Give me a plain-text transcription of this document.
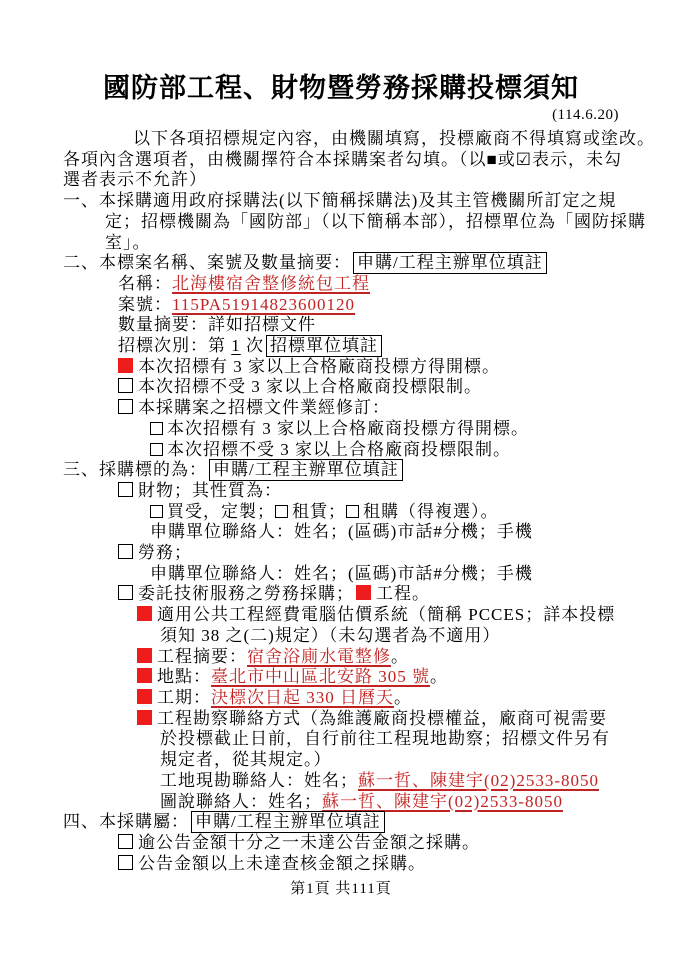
國防部工程、財物暨勞務採購投標須知
(114.6.20)
以下各項招標規定內容，由機關填寫，投標廠商不得填寫或塗改。
各項內含選項者，由機關擇符合本採購案者勾填。（以■或☑表示，未勾
選者表示不允許）
一、本採購適用政府採購法(以下簡稱採購法)及其主管機關所訂定之規
定；招標機關為「國防部」（以下簡稱本部），招標單位為「國防採購
室」。
二、本標案名稱、案號及數量摘要： 申購/工程主辦單位填註
名稱：北海樓宿舍整修統包工程
案號：115PA51914823600120
數量摘要：詳如招標文件
招標次別：第 1 次 招標單位填註
本次招標有 3 家以上合格廠商投標方得開標。
本次招標不受 3 家以上合格廠商投標限制。
本採購案之招標文件業經修訂：
本次招標有 3 家以上合格廠商投標方得開標。
本次招標不受 3 家以上合格廠商投標限制。
三、採購標的為： 申購/工程主辦單位填註
財物；其性質為：
買受，定製； 租賃； 租購（得複選）。
申購單位聯絡人：姓名；(區碼)市話#分機；手機
勞務；
申購單位聯絡人：姓名；(區碼)市話#分機；手機
委託技術服務之勞務採購； 工程。
適用公共工程經費電腦估價系統（簡稱 PCCES；詳本投標
須知 38 之(二)規定）（未勾選者為不適用）
工程摘要：宿舍浴廁水電整修。
地點：臺北市中山區北安路 305 號。
工期：決標次日起 330 日曆天。
工程勘察聯絡方式（為維護廠商投標權益，廠商可視需要
於投標截止日前，自行前往工程現地勘察；招標文件另有
規定者，從其規定。）
工地現勘聯絡人：姓名；蘇一哲、陳建宇(02)2533-8050
圖說聯絡人：姓名；蘇一哲、陳建宇(02)2533-8050
四、本採購屬： 申購/工程主辦單位填註
逾公告金額十分之一未達公告金額之採購。
公告金額以上未達查核金額之採購。
第1頁 共111頁
